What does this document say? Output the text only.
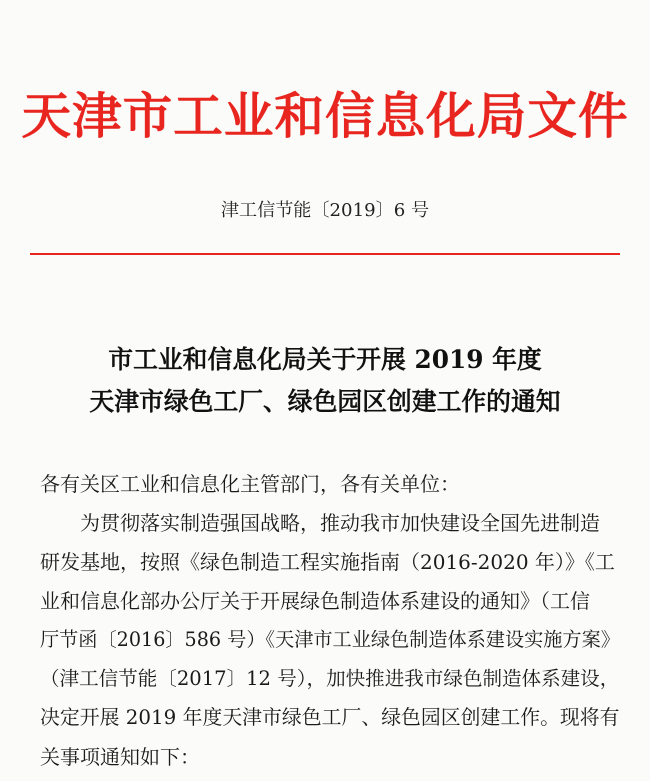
天津市工业和信息化局文件
津工信节能〔2019〕6 号
市工业和信息化局关于开展 2019 年度
天津市绿色工厂、绿色园区创建工作的通知
各有关区工业和信息化主管部门，各有关单位：
　　为贯彻落实制造强国战略，推动我市加快建设全国先进制造
研发基地，按照《绿色制造工程实施指南（2016-2020 年）》《工
业和信息化部办公厅关于开展绿色制造体系建设的通知》（工信
厅节函〔2016〕586 号）《天津市工业绿色制造体系建设实施方案》
（津工信节能〔2017〕12 号），加快推进我市绿色制造体系建设，
决定开展 2019 年度天津市绿色工厂、绿色园区创建工作。现将有
关事项通知如下：
